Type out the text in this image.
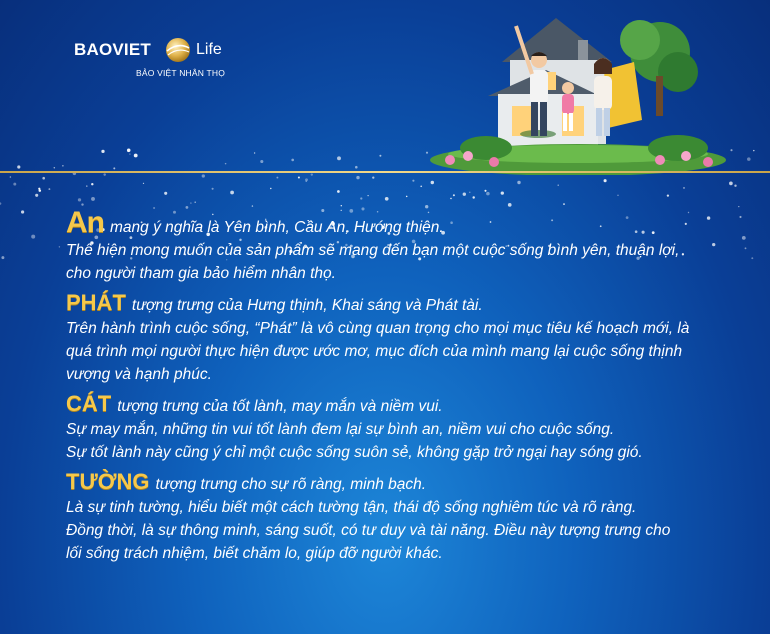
BAOVIET	Life
BẢO VIỆT NHÂN THỌ
An mang ý nghĩa là Yên bình, Cầu An, Hướng thiện.
Thể hiện mong muốn của sản phẩm sẽ mang đến bạn một cuộc sống bình yên, thuận lợi,
cho người tham gia bảo hiểm nhân thọ.
PHÁT tượng trưng của Hưng thịnh, Khai sáng và Phát tài.
Trên hành trình cuộc sống, “Phát” là vô cùng quan trọng cho mọi mục tiêu kế hoạch mới, là
quá trình mọi người thực hiện được ước mơ, mục đích của mình mang lại cuộc sống thịnh
vượng và hạnh phúc.
CÁT tượng trưng của tốt lành, may mắn và niềm vui.
Sự may mắn, những tin vui tốt lành đem lại sự bình an, niềm vui cho cuộc sống.
Sự tốt lành này cũng ý chỉ một cuộc sống suôn sẻ, không gặp trở ngại hay sóng gió.
TƯỜNG tượng trưng cho sự rõ ràng, minh bạch.
Là sự tinh tường, hiểu biết một cách tường tận, thái độ sống nghiêm túc và rõ ràng.
Đồng thời, là sự thông minh, sáng suốt, có tư duy và tài năng. Điều này tượng trưng cho
lối sống trách nhiệm, biết chăm lo, giúp đỡ người khác.
